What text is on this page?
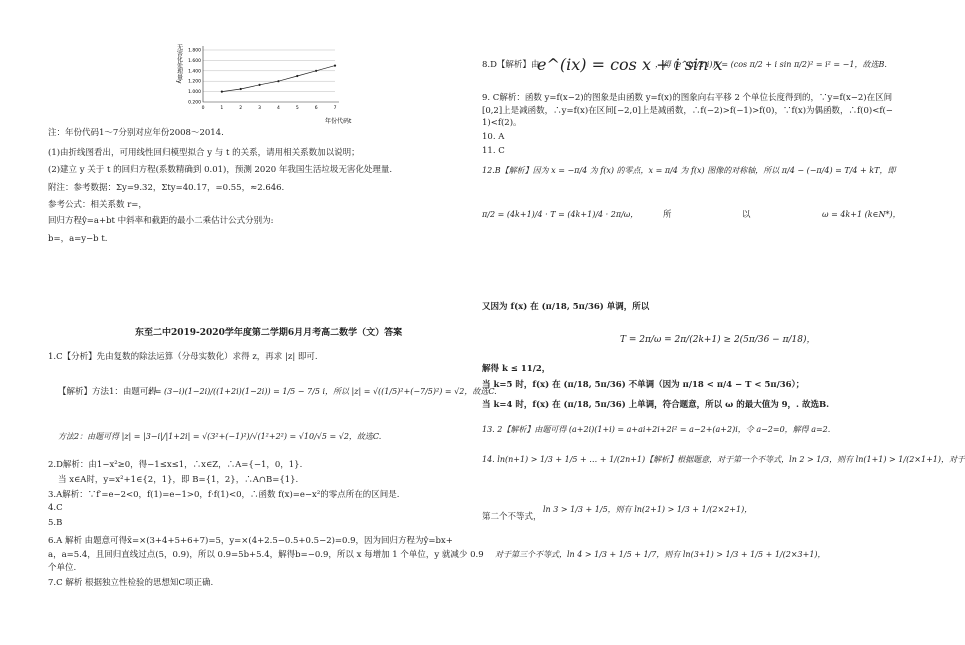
0.200
1.000
1.200
1.400
1.600
1.800
0	1	2	3	4	5	6	7
年份代码t
无害化处理量y
注：年份代码1～7分别对应年份2008～2014.
(1)由折线图看出，可用线性回归模型拟合 y 与 t 的关系，请用相关系数加以说明；
(2)建立 y 关于 t 的回归方程(系数精确到 0.01)，预测 2020 年我国生活垃圾无害化处理量.
附注：参考数据：Σy=9.32，Σty=40.17，=0.55，≈2.646.
参考公式：相关系数 r=，
回归方程ŷ=a+bt 中斜率和截距的最小二乘估计公式分别为:
b=，a=y−b t.
东至二中2019-2020学年度第二学期6月月考高二数学（文）答案
1.C【分析】先由复数的除法运算（分母实数化）求得 z，再求 |z| 即可.
【解析】方法1：由题可得
z = (3−i)(1−2i)/((1+2i)(1−2i)) = 1/5 − 7/5 i，所以 |z| = √((1/5)²+(−7/5)²) = √2，故选C.
方法2：由题可得 |z| = |3−i|/|1+2i| = √(3²+(−1)²)/√(1²+2²) = √10/√5 = √2，故选C.
2.D解析：由1−x²≥0，得−1≤x≤1，∴x∈Z，∴A={−1，0，1}.
当 x∈A时，y=x²+1∈{2，1}，即 B={1，2}，∴A∩B={1}.
3.A解析：∵f′=e−2<0，f(1)=e−1>0，f·f(1)<0，∴函数 f(x)=e−x²的零点所在的区间是.
4.C
5.B
6.A 解析 由题意可得x̄=×(3+4+5+6+7)=5，y=×(4+2.5−0.5+0.5−2)=0.9，因为回归方程为ŷ=bx+
a，a=5.4，且回归直线过点(5，0.9)，所以 0.9=5b+5.4，解得b=−0.9，所以 x 每增加 1 个单位，y 就减少 0.9
个单位.
7.C 解析 根据独立性检验的思想知C项正确.
8.D【解析】由
e^(ix) = cos x + i sin x
，得 (e^(π/2 i))² = (cos π/2 + i sin π/2)² = i² = −1，故选B.
9. C解析：函数 y=f(x−2)的图象是由函数 y=f(x)的图象向右平移 2 个单位长度得到的，∵y=f(x−2)在区间
[0,2]上是减函数，∴y=f(x)在区间[−2,0]上是减函数，∴f(−2)>f(−1)>f(0)，∵f(x)为偶函数，∴f(0)<f(−
1)<f(2)。
10. A
11. C
12.B【解析】因为 x = −π/4 为 f(x) 的零点，x = π/4 为 f(x) 图像的对称轴，所以 π/4 − (−π/4) = T/4 + kT，即
π/2 = (4k+1)/4 · T = (4k+1)/4 · 2π/ω，	所	以	ω = 4k+1 (k∈N*)，
又因为 f(x) 在 (π/18, 5π/36) 单调，所以
T = 2π/ω = 2π/(2k+1) ≥ 2(5π/36 − π/18)，
解得 k ≤ 11/2，
当 k=5 时，f(x) 在 (π/18, 5π/36) 不单调（因为 π/18 < π/4 − T < 5π/36）；
当 k=4 时，f(x) 在 (π/18, 5π/36) 上单调，符合题意，所以 ω 的最大值为 9，. 故选B.
13. 2【解析】由题可得 (a+2i)(1+i) = a+ai+2i+2i² = a−2+(a+2)i，令 a−2=0，解得 a=2.
14. ln(n+1) > 1/3 + 1/5 + … + 1/(2n+1)【解析】根据题意，对于第一个不等式，ln 2 > 1/3，则有 ln(1+1) > 1/(2×1+1)，对于
第二个不等式，
ln 3 > 1/3 + 1/5，则有 ln(2+1) > 1/3 + 1/(2×2+1)，
对于第三个不等式，ln 4 > 1/3 + 1/5 + 1/7，则有 ln(3+1) > 1/3 + 1/5 + 1/(2×3+1)，
